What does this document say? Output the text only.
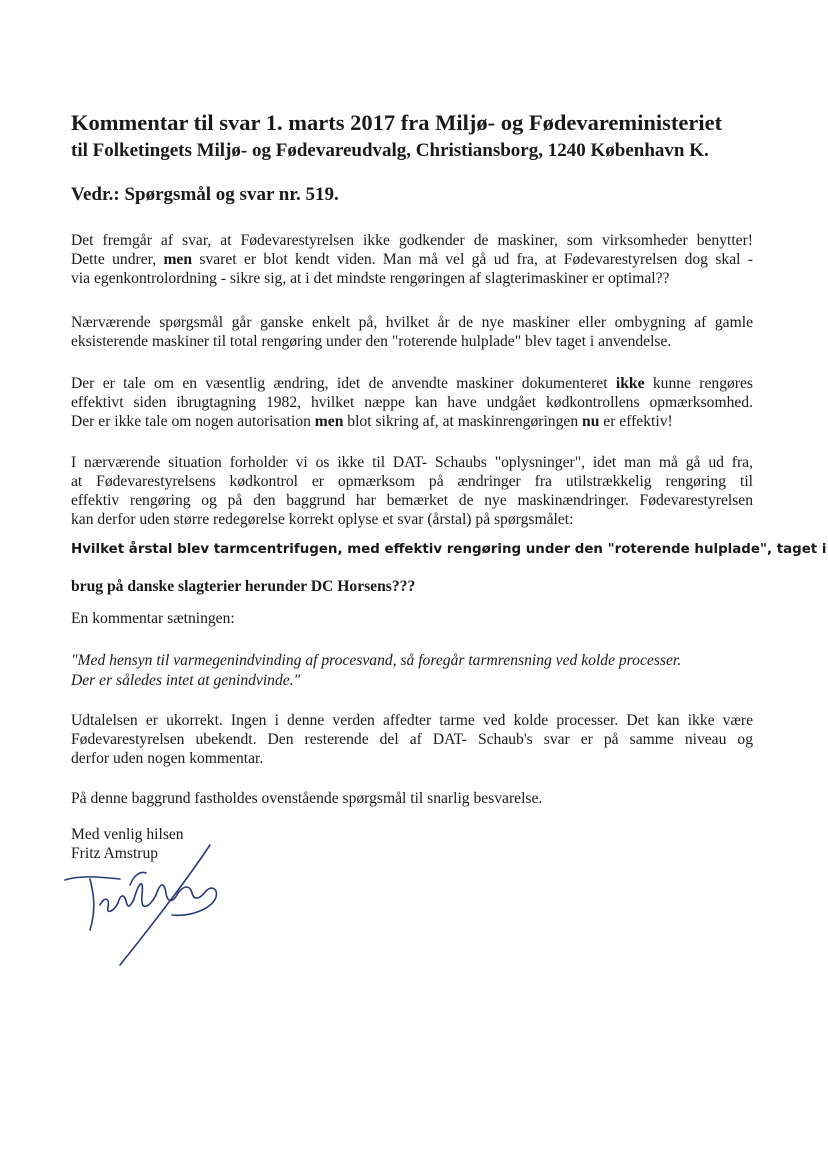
Kommentar til svar 1. marts 2017 fra Miljø- og Fødevareministeriet
til Folketingets Miljø- og Fødevareudvalg, Christiansborg, 1240 København K.
Vedr.: Spørgsmål og svar nr. 519.
Det fremgår af svar, at Fødevarestyrelsen ikke godkender de maskiner, som virksomheder benytter!
Dette undrer, men svaret er blot kendt viden. Man må vel gå ud fra, at Fødevarestyrelsen dog skal -
via egenkontrolordning - sikre sig, at i det mindste rengøringen af slagterimaskiner er optimal??
Nærværende spørgsmål går ganske enkelt på, hvilket år de nye maskiner eller ombygning af gamle
eksisterende maskiner til total rengøring under den "roterende hulplade" blev taget i anvendelse.
Der er tale om en væsentlig ændring, idet de anvendte maskiner dokumenteret ikke kunne rengøres
effektivt siden ibrugtagning 1982, hvilket næppe kan have undgået kødkontrollens opmærksomhed.
Der er ikke tale om nogen autorisation men blot sikring af, at maskinrengøringen nu er effektiv!
I nærværende situation forholder vi os ikke til DAT- Schaubs "oplysninger", idet man må gå ud fra,
at Fødevarestyrelsens kødkontrol er opmærksom på ændringer fra utilstrækkelig rengøring til
effektiv rengøring og på den baggrund har bemærket de nye maskinændringer. Fødevarestyrelsen
kan derfor uden større redegørelse korrekt oplyse et svar (årstal) på spørgsmålet:

Hvilket årstal blev tarmcentrifugen, med effektiv rengøring under den "roterende hulplade", taget i

brug på danske slagterier herunder DC Horsens???

En kommentar sætningen:

"Med hensyn til varmegenindvinding af procesvand, så foregår tarmrensning ved kolde processer.
Der er således intet at genindvinde."
Udtalelsen er ukorrekt. Ingen i denne verden affedter tarme ved kolde processer. Det kan ikke være
Fødevarestyrelsen ubekendt. Den resterende del af DAT- Schaub's svar er på samme niveau og
derfor uden nogen kommentar.

På denne baggrund fastholdes ovenstående spørgsmål til snarlig besvarelse.

Med venlig hilsen

Fritz Amstrup
